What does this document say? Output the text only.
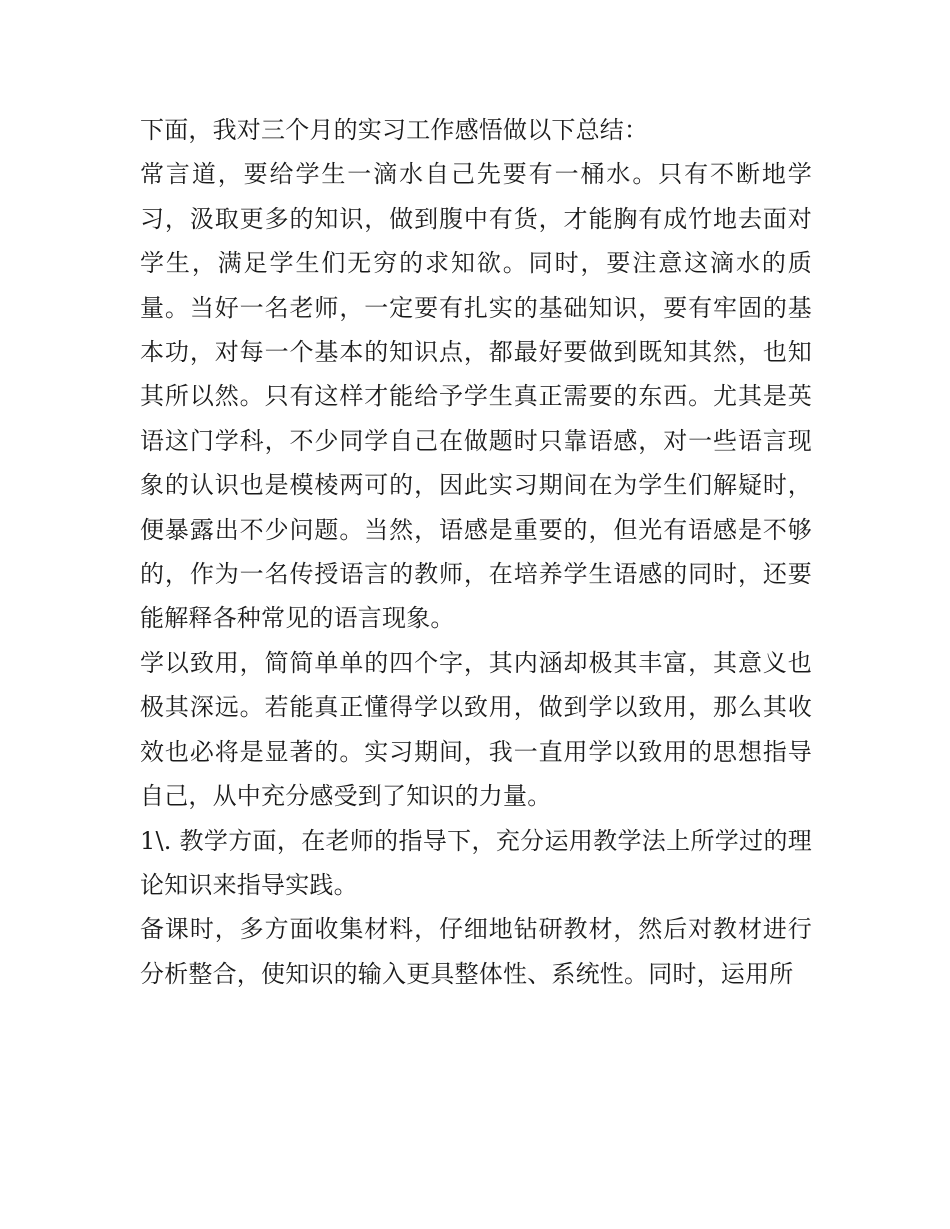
下面，我对三个月的实习工作感悟做以下总结：

常言道，要给学生一滴水自己先要有一桶水。只有不断地学习，汲取更多的知识，做到腹中有货，才能胸有成竹地去面对学生，满足学生们无穷的求知欲。同时，要注意这滴水的质量。当好一名老师，一定要有扎实的基础知识，要有牢固的基本功，对每一个基本的知识点，都最好要做到既知其然，也知其所以然。只有这样才能给予学生真正需要的东西。尤其是英语这门学科，不少同学自己在做题时只靠语感，对一些语言现象的认识也是模棱两可的，因此实习期间在为学生们解疑时，便暴露出不少问题。当然，语感是重要的，但光有语感是不够的，作为一名传授语言的教师，在培养学生语感的同时，还要能解释各种常见的语言现象。

学以致用，简简单单的四个字，其内涵却极其丰富，其意义也极其深远。若能真正懂得学以致用，做到学以致用，那么其收效也必将是显著的。实习期间，我一直用学以致用的思想指导自己，从中充分感受到了知识的力量。

1\. 教学方面，在老师的指导下，充分运用教学法上所学过的理论知识来指导实践。

备课时，多方面收集材料，仔细地钻研教材，然后对教材进行分析整合，使知识的输入更具整体性、系统性。同时，运用所
